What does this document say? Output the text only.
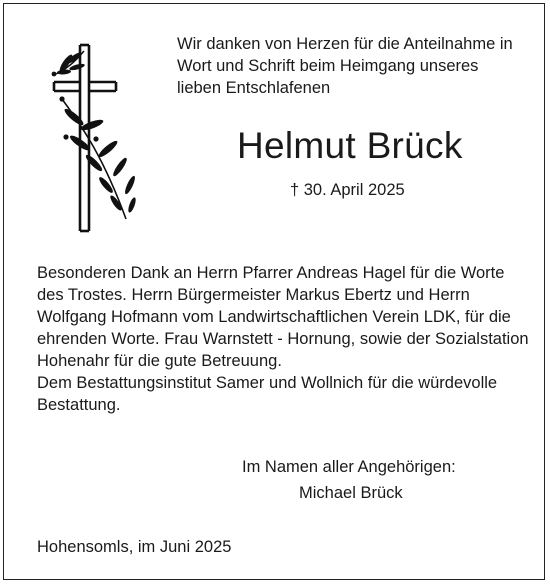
Wir danken von Herzen für die Anteilnahme in
Wort und Schrift beim Heimgang unseres
lieben Entschlafenen
Helmut Brück
† 30. April 2025
Besonderen Dank an Herrn Pfarrer Andreas Hagel für die Worte
des Trostes. Herrn Bürgermeister Markus Ebertz und Herrn
Wolfgang Hofmann vom Landwirtschaftlichen Verein LDK, für die
ehrenden Worte. Frau Warnstett - Hornung, sowie der Sozialstation
Hohenahr für die gute Betreuung.
Dem Bestattungsinstitut Samer und Wollnich für die würdevolle
Bestattung.
Im Namen aller Angehörigen:
Michael Brück
Hohensomls, im Juni 2025
